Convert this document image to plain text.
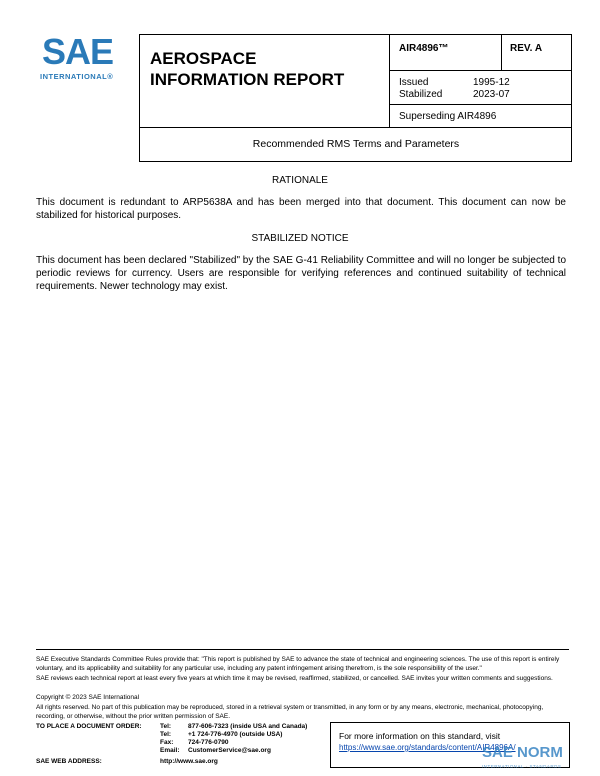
SAE
INTERNATIONAL®
AEROSPACE
INFORMATION REPORT
AIR4896™	REV. A
Issued	1995-12
Stabilized	2023-07
Superseding AIR4896
Recommended RMS Terms and Parameters
RATIONALE
This document is redundant to ARP5638A and has been merged into that document. This document can now be stabilized for historical purposes.
STABILIZED NOTICE
This document has been declared "Stabilized" by the SAE G-41 Reliability Committee and will no longer be subjected to periodic reviews for currency. Users are responsible for verifying references and continued suitability of technical requirements. Newer technology may exist.
SAE Executive Standards Committee Rules provide that: "This report is published by SAE to advance the state of technical and engineering sciences. The use of this report is entirely voluntary, and its applicability and suitability for any particular use, including any patent infringement arising therefrom, is the sole responsibility of the user."
SAE reviews each technical report at least every five years at which time it may be revised, reaffirmed, stabilized, or cancelled. SAE invites your written comments and suggestions.
Copyright © 2023 SAE International
All rights reserved. No part of this publication may be reproduced, stored in a retrieval system or transmitted, in any form or by any means, electronic, mechanical, photocopying, recording, or otherwise, without the prior written permission of SAE.
TO PLACE A DOCUMENT ORDER:	Tel:	877-606-7323 (inside USA and Canada)
Tel:	+1 724-776-4970 (outside USA)
Fax: 724-776-0790
Email: CustomerService@sae.org
SAE WEB ADDRESS:	http://www.sae.org
For more information on this standard, visit
https://www.sae.org/standards/content/AIR4896A/
SAE NORM
INTERNATIONAL · STANDARDS
